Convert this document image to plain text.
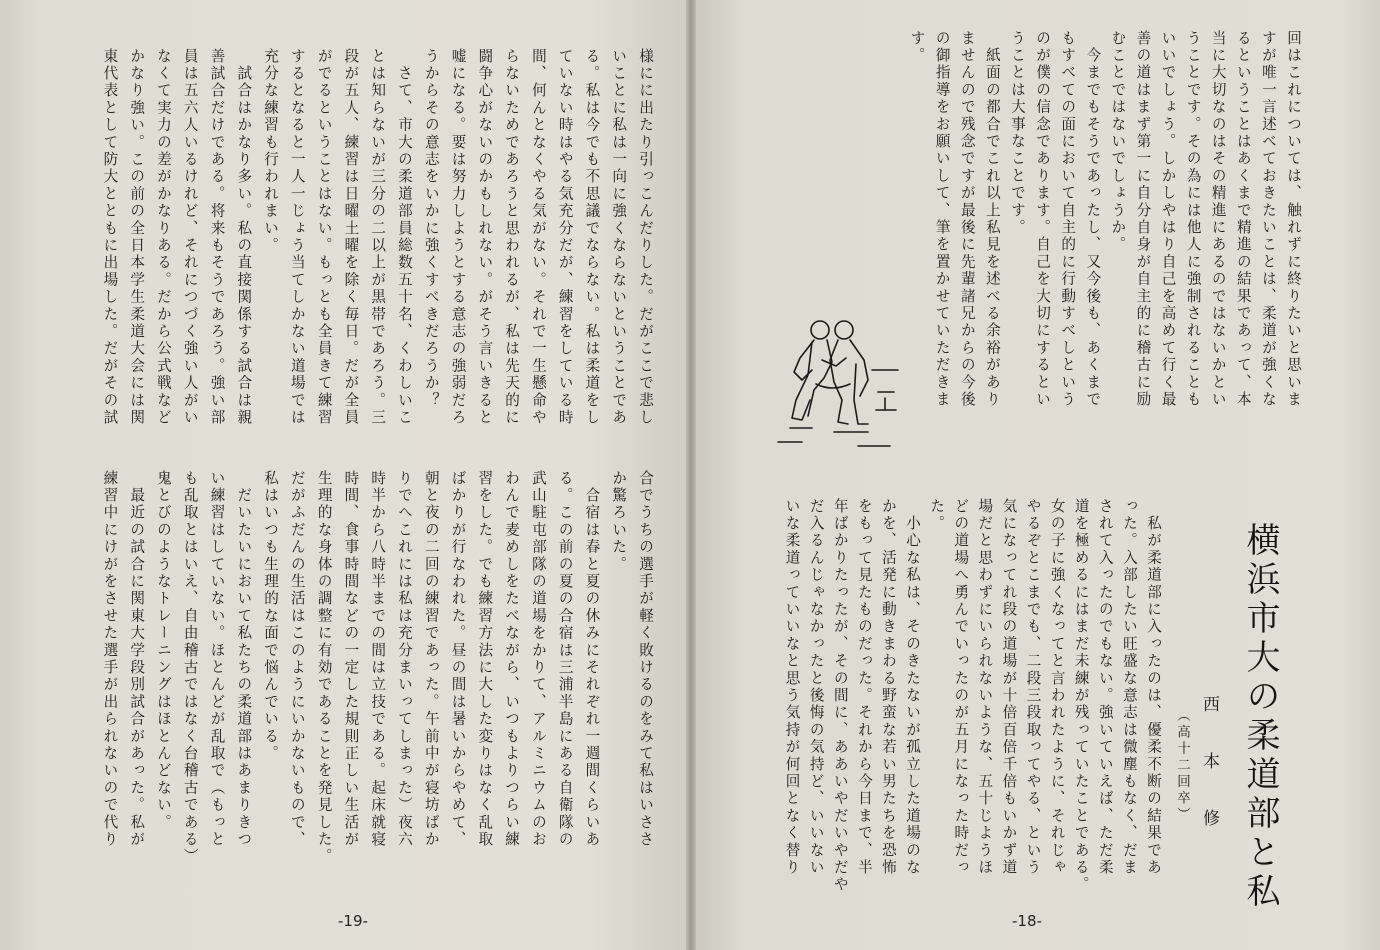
回はこれについては、触れずに終りたいと思いま
すが唯一言述べておきたいことは、柔道が強くな
るということはあくまで精進の結果であって、本
当に大切なのはその精進にあるのではないかとい
うことです。その為には他人に強制されることも
いいでしょう。しかしやはり自己を高めて行く最
善の道はまず第一に自分自身が自主的に稽古に励
むことではないでしょうか。
　今までもそうであったし、又今後も、あくまで
もすべての面において自主的に行動すべしという
のが僕の信念であります。自己を大切にするとい
うことは大事なことです。
　紙面の都合でこれ以上私見を述べる余裕があり
ませんので残念ですが最後に先輩諸兄からの今後
の御指導をお願いして、筆を置かせていただきま
す。
横浜市大の柔道部と私
西 本 修
（高十二回卒）
　私が柔道部に入ったのは、優柔不断の結果であ
った。入部したい旺盛な意志は微塵もなく、だま
されて入ったのでもない。強いていえば、ただ柔
道を極めるにはまだ未練が残っていたことである。
女の子に強くなってと言われたように、それじゃ
やるぞとこまでも、二段三段取ってやる、という
気になってれ段の道場が十倍百倍千倍もいかず道
場だと思わずにいられないような、五十じようほ
どの道場へ勇んでいったのが五月になった時だっ
た。
　小心な私は、そのきたないが孤立した道場のな
かを、活発に動きまわる野蛮な若い男たちを恐怖
をもって見たものだった。それから今日まで、半
年ばかりたったが、その間に、ああいやだいやだや
だ入るんじゃなかったと後悔の気持ど、いいない
いな柔道っていいなと思う気持が何回となく替り
-18-
様にに出たり引っこんだりした。だがここで悲し
いことに私は一向に強くならないということであ
る。私は今でも不思議でならない。私は柔道をし
ていない時はやる気充分だが、練習をしている時
間、何んとなくやる気がない。それで一生懸命や
らないためであろうと思われるが、私は先天的に
闘争心がないのかもしれない。がそう言いきると
嘘になる。要は努力しようとする意志の強弱だろ
うからその意志をいかに強くすべきだろうか？
　さて、市大の柔道部員総数五十名、くわしいこ
とは知らないが三分の二以上が黒帯であろう。三
段が五人、練習は日曜土曜を除く毎日。だが全員
がでるということはない。もっとも全員きて練習
するとなると一人一じょう当てしかない道場では
充分な練習も行われまい。
　試合はかなり多い。私の直接関係する試合は親
善試合だけである。将来もそうであろう。強い部
員は五六人いるけれど、それにつづく強い人がい
なくて実力の差がかなりある。だから公式戦など
かなり強い。この前の全日本学生柔道大会には関
東代表として防大とともに出場した。だがその試
合でうちの選手が軽く敗けるのをみて私はいささ
か驚ろいた。
　合宿は春と夏の休みにそれぞれ一週間くらいあ
る。この前の夏の合宿は三浦半島にある自衛隊の
武山駐屯部隊の道場をかりて、アルミニウムのお
わんで麦めしをたべながら、いつもよりつらい練
習をした。でも練習方法に大した変りはなく乱取
ばかりが行なわれた。昼の間は暑いからやめて、
朝と夜の二回の練習であった。午前中が寝坊ばか
りでへこれには私は充分まいってしまった）夜六
時半から八時半までの間は立技である。起床就寝
時間、食事時間などの一定した規則正しい生活が
生理的な身体の調整に有効であることを発見した。
だがふだんの生活はこのようにいかないもので、
私はいつも生理的な面で悩んでいる。
　だいたいにおいて私たちの柔道部はあまりきつ
い練習はしていない。ほとんどが乱取で（もっと
も乱取とはいえ、自由稽古ではなく台稽古である）
鬼とびのようなトレーニングはほとんどない。
　最近の試合に関東大学段別試合があった。私が
練習中にけがをさせた選手が出られないので代り
-19-
